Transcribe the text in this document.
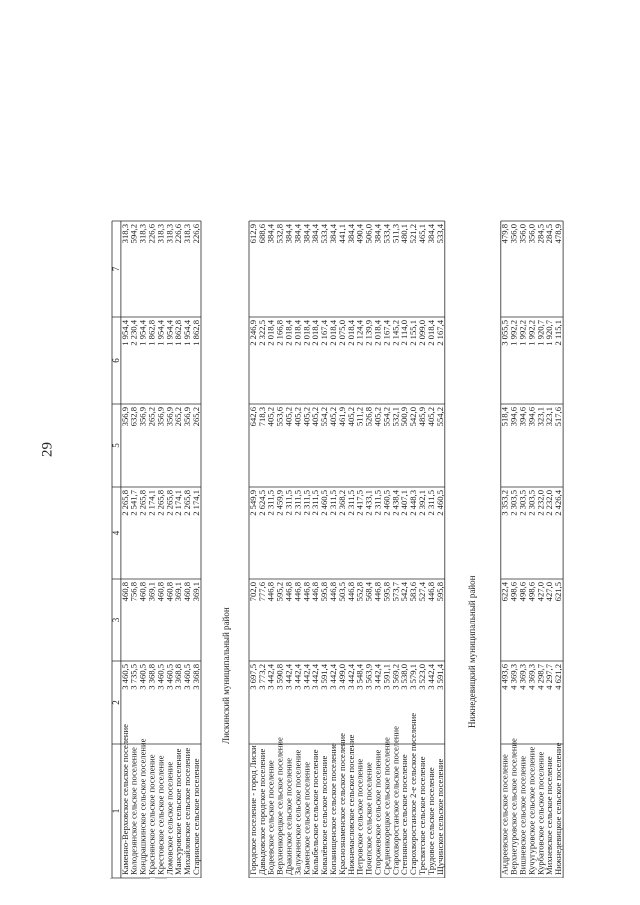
29
1
2
3
4
5
6
7
Каменно-Верховское сельское поселение
3 460,5
460,8
2 265,8
356,9
1 954,4
318,3
Колодезянское сельское поселение
3 735,5
756,8
2 541,7
632,8
2 230,4
594,2
Кондрашкинское сельское поселение
3 460,5
460,8
2 265,8
356,9
1 954,4
318,3
Краснянское сельское поселение
3 368,8
369,1
2 174,1
265,2
1 862,8
226,6
Крестовское сельское поселение
3 460,5
460,8
2 265,8
356,9
1 954,4
318,3
Ломовское сельское поселение
3 460,5
460,8
2 265,8
356,9
1 954,4
318,3
Мансуровское сельское поселение
3 368,8
369,1
2 174,1
265,2
1 862,8
226,6
Михайловское сельское поселение
3 460,5
460,8
2 265,8
356,9
1 954,4
318,3
Старинское сельское поселение
3 368,8
369,1
2 174,1
265,2
1 862,8
226,6
Лискинский муниципальный район
Городское поселение - город Лиски
3 697,5
702,0
2 549,9
642,6
2 246,9
612,9
Давыдовское городское поселение
3 773,2
777,6
2 624,5
718,3
2 322,5
688,6
Бодеевское сельское поселение
3 442,4
446,8
2 311,5
405,2
2 018,4
384,4
Верхнеикорецкое сельское поселение
3 590,8
595,2
2 459,9
553,6
2 166,8
532,8
Дракинское сельское поселение
3 442,4
446,8
2 311,5
405,2
2 018,4
384,4
Залужненское сельское поселение
3 442,4
446,8
2 311,5
405,2
2 018,4
384,4
Каменское сельское поселение
3 442,4
446,8
2 311,5
405,2
2 018,4
384,4
Колыбельское сельское поселение
3 442,4
446,8
2 311,5
405,2
2 018,4
384,4
Ковалёвское сельское поселение
3 591,4
595,8
2 460,5
554,2
2 167,4
533,4
Копанищенское сельское поселение
3 442,4
446,8
2 311,5
405,2
2 018,4
384,4
Краснознаменское сельское поселение
3 499,0
503,5
2 368,2
461,9
2 075,0
441,1
Нижнемасловское сельское поселение
3 442,4
446,8
2 311,5
405,2
2 018,4
384,4
Петровское сельское поселение
3 548,4
552,8
2 417,5
511,2
2 124,4
490,4
Почепское сельское поселение
3 563,9
568,4
2 433,1
526,8
2 139,9
506,0
Сторожевское сельское поселение
3 442,4
446,8
2 311,5
405,2
2 018,4
384,4
Среднеикорецкое сельское поселение
3 591,1
595,8
2 460,5
554,2
2 167,4
533,4
Старохворостанское сельское поселение
3 569,2
573,7
2 438,4
532,1
2 145,2
511,3
Степнянское сельское поселение
3 538,0
542,4
2 407,1
500,9
2 114,0
480,1
Старохворостанское 2-е сельское поселение
3 579,1
583,6
2 448,3
542,0
2 155,1
521,2
Тресвятское сельское поселение
3 523,0
527,4
2 392,1
485,9
2 099,0
465,1
Трудовое сельское поселение
3 442,4
446,8
2 311,5
405,2
2 018,4
384,4
Щучинское сельское поселение
3 591,4
595,8
2 460,5
554,2
2 167,4
533,4
Нижнедевицкий муниципальный район
Андреевское сельское поселение
4 493,6
622,4
3 353,2
518,4
3 055,5
479,8
Верхнетуровское сельское поселение
4 369,3
498,6
2 303,5
394,6
1 992,2
356,0
Вишневское сельское поселение
4 369,3
498,6
2 303,5
394,6
1 992,2
356,0
Кучугуровское сельское поселение
4 369,3
498,6
2 303,5
394,6
1 992,2
356,0
Курбатовское сельское поселение
4 298,7
427,0
2 232,0
323,1
1 920,7
284,5
Михневское сельское поселение
4 297,7
427,0
2 232,0
323,1
1 920,7
284,5
Нижнедевицкое сельское поселение
4 621,2
621,5
2 426,4
517,6
2 115,1
478,9
